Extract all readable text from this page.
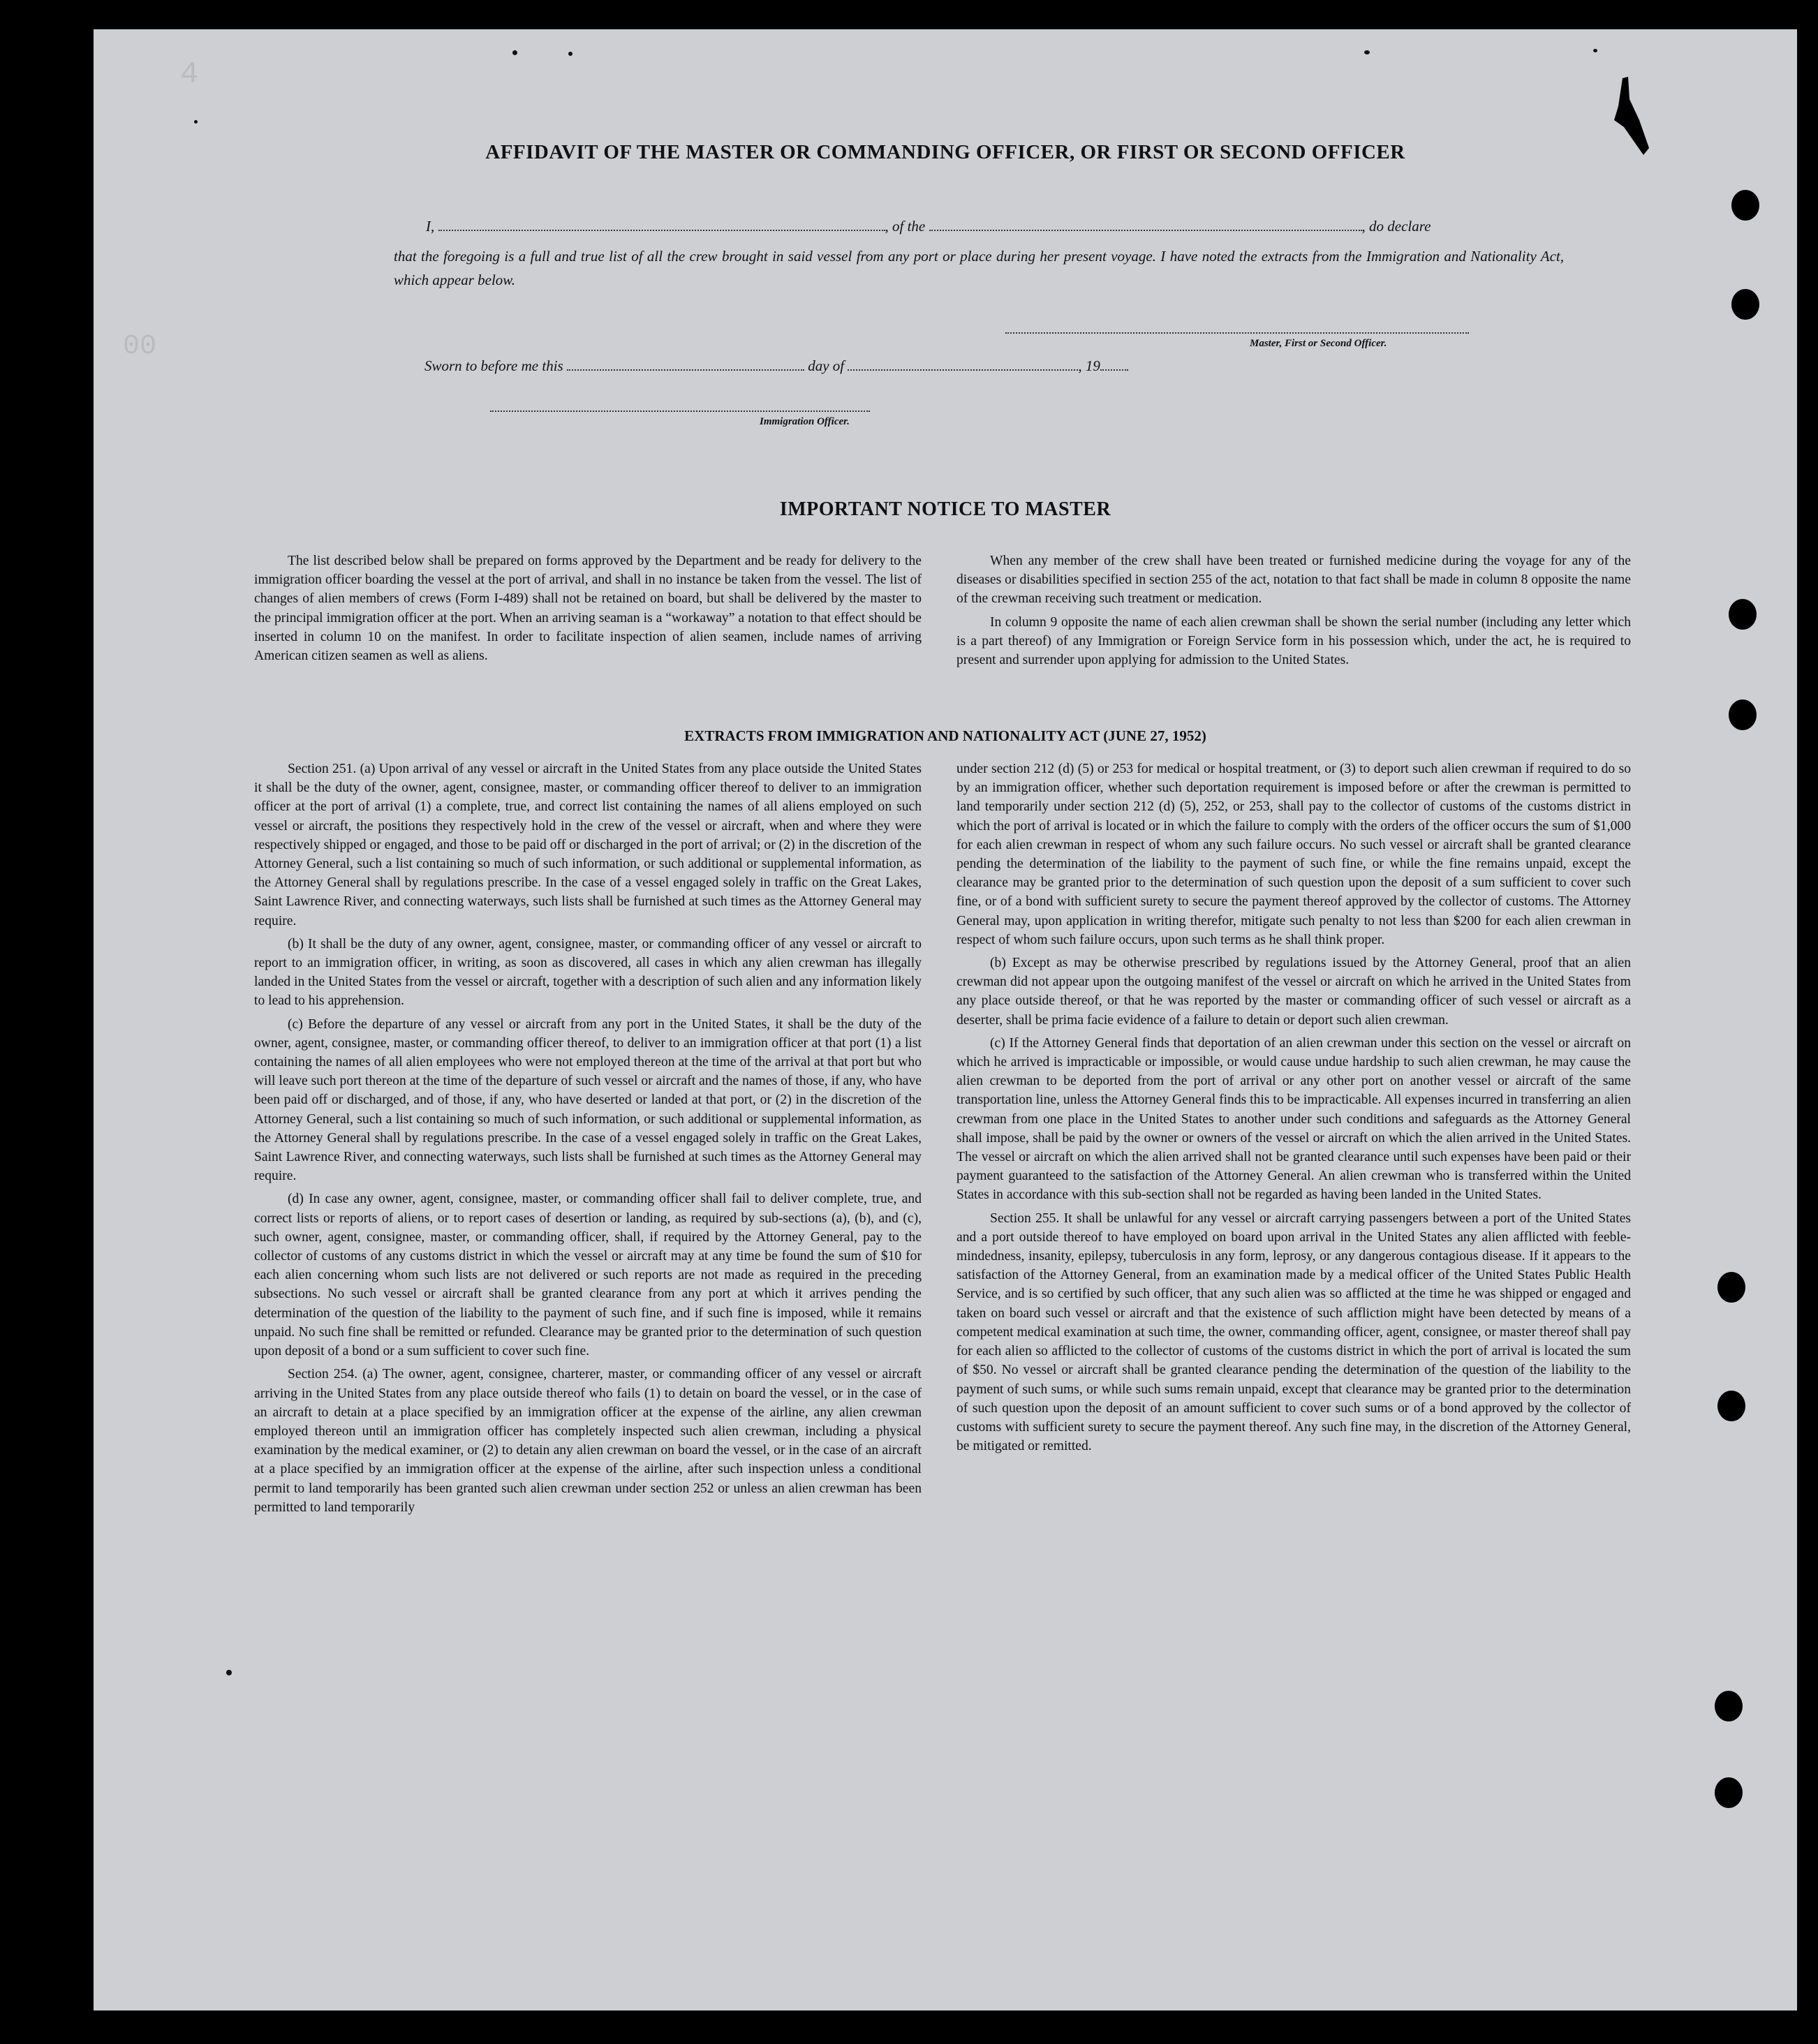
4
00
AFFIDAVIT OF THE MASTER OR COMMANDING OFFICER, OR FIRST OR SECOND OFFICER
I,	, of the	, do declare
that the foregoing is a full and true list of all the crew brought in said vessel from any port or place during her present voyage. I have noted the extracts from the Immigration and Nationality Act, which appear below.
Master, First or Second Officer.
Sworn to before me this	day of	, 19
Immigration Officer.
IMPORTANT NOTICE TO MASTER

The list described below shall be prepared on forms approved by the Department and be ready for delivery to the immigration officer boarding the vessel at the port of arrival, and shall in no instance be taken from the vessel. The list of changes of alien members of crews (Form I-489) shall not be retained on board, but shall be delivered by the master to the principal immigration officer at the port. When an arriving seaman is a “workaway” a notation to that effect should be inserted in column 10 on the manifest. In order to facilitate inspection of alien seamen, include names of arriving American citizen seamen as well as aliens.

When any member of the crew shall have been treated or furnished medicine during the voyage for any of the diseases or disabilities specified in section 255 of the act, notation to that fact shall be made in column 8 opposite the name of the crewman receiving such treatment or medication.

In column 9 opposite the name of each alien crewman shall be shown the serial number (including any letter which is a part thereof) of any Immigration or Foreign Service form in his possession which, under the act, he is required to present and surrender upon applying for admission to the United States.

EXTRACTS FROM IMMIGRATION AND NATIONALITY ACT (JUNE 27, 1952)

Section 251. (a) Upon arrival of any vessel or aircraft in the United States from any place outside the United States it shall be the duty of the owner, agent, consignee, master, or commanding officer thereof to deliver to an immigration officer at the port of arrival (1) a complete, true, and correct list containing the names of all aliens employed on such vessel or aircraft, the positions they respectively hold in the crew of the vessel or aircraft, when and where they were respectively shipped or engaged, and those to be paid off or discharged in the port of arrival; or (2) in the discretion of the Attorney General, such a list containing so much of such information, or such additional or supplemental information, as the Attorney General shall by regulations prescribe. In the case of a vessel engaged solely in traffic on the Great Lakes, Saint Lawrence River, and connecting waterways, such lists shall be furnished at such times as the Attorney General may require.

(b) It shall be the duty of any owner, agent, consignee, master, or commanding officer of any vessel or aircraft to report to an immigration officer, in writing, as soon as discovered, all cases in which any alien crewman has illegally landed in the United States from the vessel or aircraft, together with a description of such alien and any information likely to lead to his apprehension.

(c) Before the departure of any vessel or aircraft from any port in the United States, it shall be the duty of the owner, agent, consignee, master, or commanding officer thereof, to deliver to an immigration officer at that port (1) a list containing the names of all alien employees who were not employed thereon at the time of the arrival at that port but who will leave such port thereon at the time of the departure of such vessel or aircraft and the names of those, if any, who have been paid off or discharged, and of those, if any, who have deserted or landed at that port, or (2) in the discretion of the Attorney General, such a list containing so much of such information, or such additional or supplemental information, as the Attorney General shall by regulations prescribe. In the case of a vessel engaged solely in traffic on the Great Lakes, Saint Lawrence River, and connecting waterways, such lists shall be furnished at such times as the Attorney General may require.

(d) In case any owner, agent, consignee, master, or commanding officer shall fail to deliver complete, true, and correct lists or reports of aliens, or to report cases of desertion or landing, as required by sub-sections (a), (b), and (c), such owner, agent, consignee, master, or commanding officer, shall, if required by the Attorney General, pay to the collector of customs of any customs district in which the vessel or aircraft may at any time be found the sum of $10 for each alien concerning whom such lists are not delivered or such reports are not made as required in the preceding subsections. No such vessel or aircraft shall be granted clearance from any port at which it arrives pending the determination of the question of the liability to the payment of such fine, and if such fine is imposed, while it remains unpaid. No such fine shall be remitted or refunded. Clearance may be granted prior to the determination of such question upon deposit of a bond or a sum sufficient to cover such fine.

Section 254. (a) The owner, agent, consignee, charterer, master, or commanding officer of any vessel or aircraft arriving in the United States from any place outside thereof who fails (1) to detain on board the vessel, or in the case of an aircraft to detain at a place specified by an immigration officer at the expense of the airline, any alien crewman employed thereon until an immigration officer has completely inspected such alien crewman, including a physical examination by the medical examiner, or (2) to detain any alien crewman on board the vessel, or in the case of an aircraft at a place specified by an immigration officer at the expense of the airline, after such inspection unless a conditional permit to land temporarily has been granted such alien crewman under section 252 or unless an alien crewman has been permitted to land temporarily

under section 212 (d) (5) or 253 for medical or hospital treatment, or (3) to deport such alien crewman if required to do so by an immigration officer, whether such deportation requirement is imposed before or after the crewman is permitted to land temporarily under section 212 (d) (5), 252, or 253, shall pay to the collector of customs of the customs district in which the port of arrival is located or in which the failure to comply with the orders of the officer occurs the sum of $1,000 for each alien crewman in respect of whom any such failure occurs. No such vessel or aircraft shall be granted clearance pending the determination of the liability to the payment of such fine, or while the fine remains unpaid, except the clearance may be granted prior to the determination of such question upon the deposit of a sum sufficient to cover such fine, or of a bond with sufficient surety to secure the payment thereof approved by the collector of customs. The Attorney General may, upon application in writing therefor, mitigate such penalty to not less than $200 for each alien crewman in respect of whom such failure occurs, upon such terms as he shall think proper.

(b) Except as may be otherwise prescribed by regulations issued by the Attorney General, proof that an alien crewman did not appear upon the outgoing manifest of the vessel or aircraft on which he arrived in the United States from any place outside thereof, or that he was reported by the master or commanding officer of such vessel or aircraft as a deserter, shall be prima facie evidence of a failure to detain or deport such alien crewman.

(c) If the Attorney General finds that deportation of an alien crewman under this section on the vessel or aircraft on which he arrived is impracticable or impossible, or would cause undue hardship to such alien crewman, he may cause the alien crewman to be deported from the port of arrival or any other port on another vessel or aircraft of the same transportation line, unless the Attorney General finds this to be impracticable. All expenses incurred in transferring an alien crewman from one place in the United States to another under such conditions and safeguards as the Attorney General shall impose, shall be paid by the owner or owners of the vessel or aircraft on which the alien arrived in the United States. The vessel or aircraft on which the alien arrived shall not be granted clearance until such expenses have been paid or their payment guaranteed to the satisfaction of the Attorney General. An alien crewman who is transferred within the United States in accordance with this sub-section shall not be regarded as having been landed in the United States.

Section 255. It shall be unlawful for any vessel or aircraft carrying passengers between a port of the United States and a port outside thereof to have employed on board upon arrival in the United States any alien afflicted with feeble-mindedness, insanity, epilepsy, tuberculosis in any form, leprosy, or any dangerous contagious disease. If it appears to the satisfaction of the Attorney General, from an examination made by a medical officer of the United States Public Health Service, and is so certified by such officer, that any such alien was so afflicted at the time he was shipped or engaged and taken on board such vessel or aircraft and that the existence of such affliction might have been detected by means of a competent medical examination at such time, the owner, commanding officer, agent, consignee, or master thereof shall pay for each alien so afflicted to the collector of customs of the customs district in which the port of arrival is located the sum of $50. No vessel or aircraft shall be granted clearance pending the determination of the question of the liability to the payment of such sums, or while such sums remain unpaid, except that clearance may be granted prior to the determination of such question upon the deposit of an amount sufficient to cover such sums or of a bond approved by the collector of customs with sufficient surety to secure the payment thereof. Any such fine may, in the discretion of the Attorney General, be mitigated or remitted.
